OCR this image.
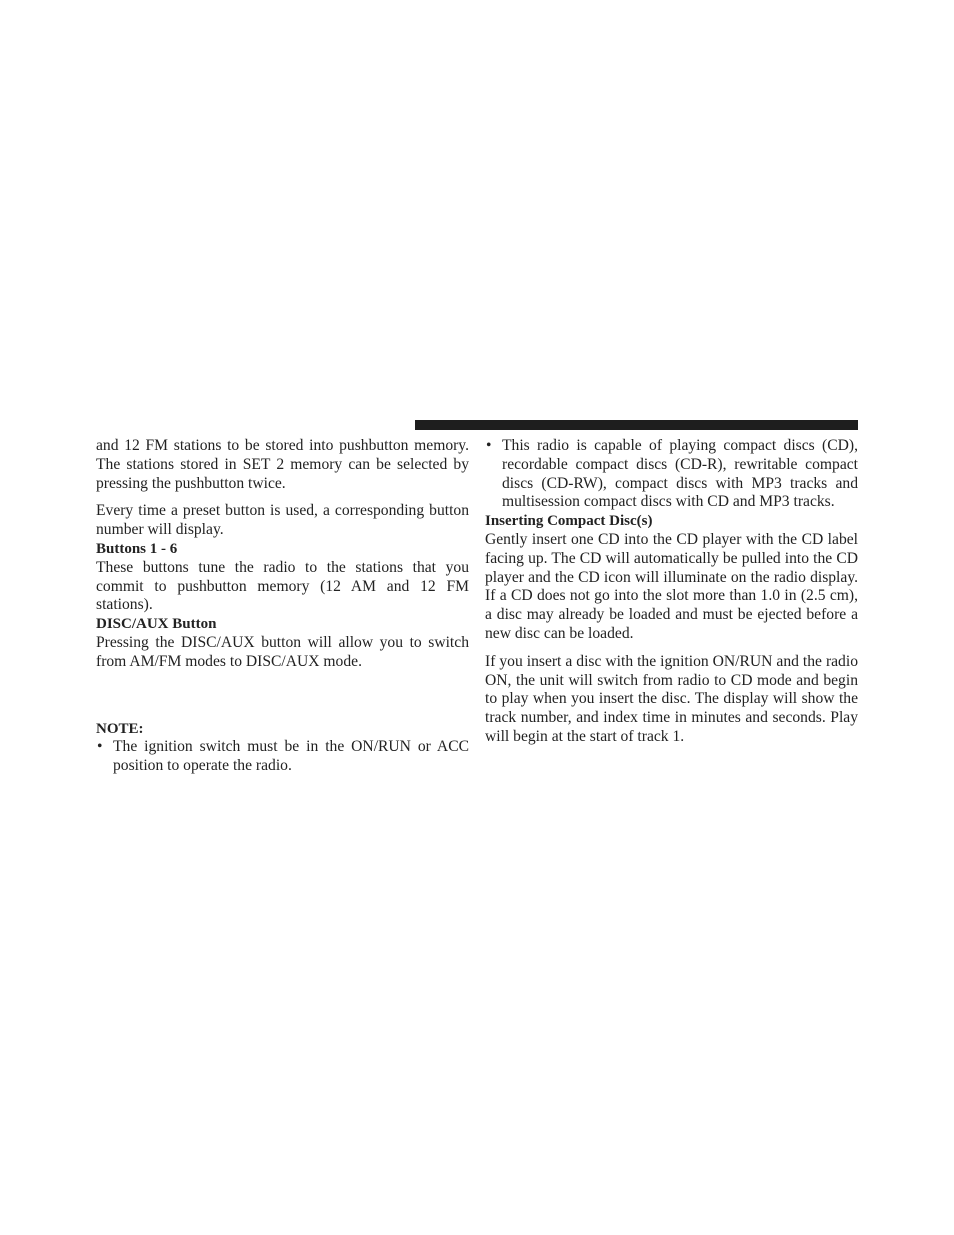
and 12 FM stations to be stored into pushbutton memory. The stations stored in SET 2 memory can be selected by pressing the pushbutton twice.

Every time a preset button is used, a corresponding button number will display.

Buttons 1 - 6

These buttons tune the radio to the stations that you commit to pushbutton memory (12 AM and 12 FM stations).

DISC/AUX Button

Pressing the DISC/AUX button will allow you to switch from AM/FM modes to DISC/AUX mode.

NOTE:
• The ignition switch must be in the ON/RUN or ACC position to operate the radio.
• This radio is capable of playing compact discs (CD), recordable compact discs (CD-R), rewritable compact discs (CD-RW), compact discs with MP3 tracks and multisession compact discs with CD and MP3 tracks.
Inserting Compact Disc(s)

Gently insert one CD into the CD player with the CD label facing up. The CD will automatically be pulled into the CD player and the CD icon will illuminate on the radio display. If a CD does not go into the slot more than 1.0 in (2.5 cm), a disc may already be loaded and must be ejected before a new disc can be loaded.

If you insert a disc with the ignition ON/RUN and the radio ON, the unit will switch from radio to CD mode and begin to play when you insert the disc. The display will show the track number, and index time in minutes and seconds. Play will begin at the start of track 1.
